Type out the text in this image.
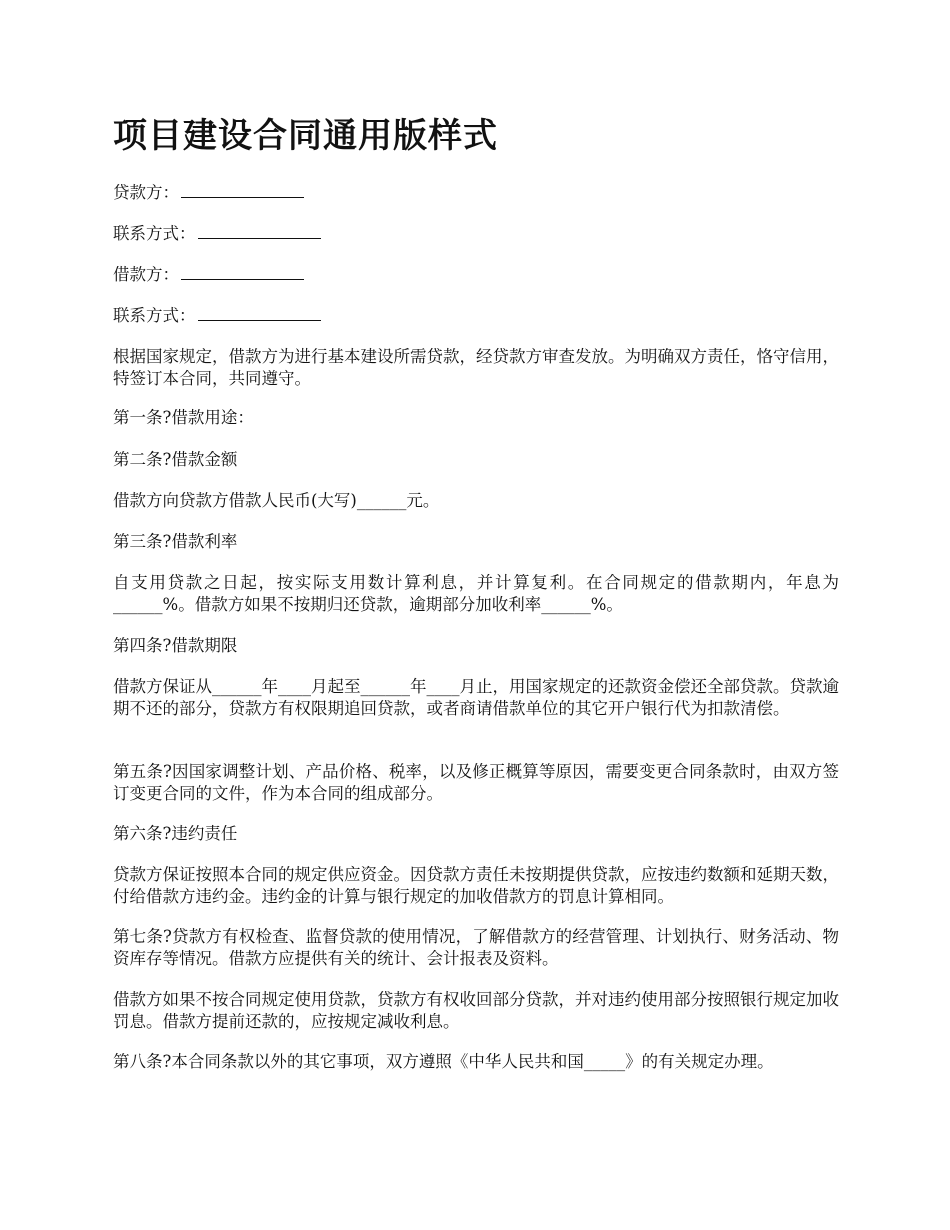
项目建设合同通用版样式

贷款方：

联系方式：

借款方：

联系方式：

根据国家规定，借款方为进行基本建设所需贷款，经贷款方审查发放。为明确双方责任，恪守信用，特签订本合同，共同遵守。

第一条?借款用途：

第二条?借款金额

借款方向贷款方借款人民币(大写)______元。

第三条?借款利率

自支用贷款之日起，按实际支用数计算利息，并计算复利。在合同规定的借款期内，年息为______%。借款方如果不按期归还贷款，逾期部分加收利率______%。

第四条?借款期限

借款方保证从______年____月起至______年____月止，用国家规定的还款资金偿还全部贷款。贷款逾期不还的部分，贷款方有权限期追回贷款，或者商请借款单位的其它开户银行代为扣款清偿。

第五条?因国家调整计划、产品价格、税率，以及修正概算等原因，需要变更合同条款时，由双方签订变更合同的文件，作为本合同的组成部分。

第六条?违约责任

贷款方保证按照本合同的规定供应资金。因贷款方责任未按期提供贷款，应按违约数额和延期天数，付给借款方违约金。违约金的计算与银行规定的加收借款方的罚息计算相同。

第七条?贷款方有权检查、监督贷款的使用情况，了解借款方的经营管理、计划执行、财务活动、物资库存等情况。借款方应提供有关的统计、会计报表及资料。

借款方如果不按合同规定使用贷款，贷款方有权收回部分贷款，并对违约使用部分按照银行规定加收罚息。借款方提前还款的，应按规定减收利息。

第八条?本合同条款以外的其它事项，双方遵照《中华人民共和国_____》的有关规定办理。
